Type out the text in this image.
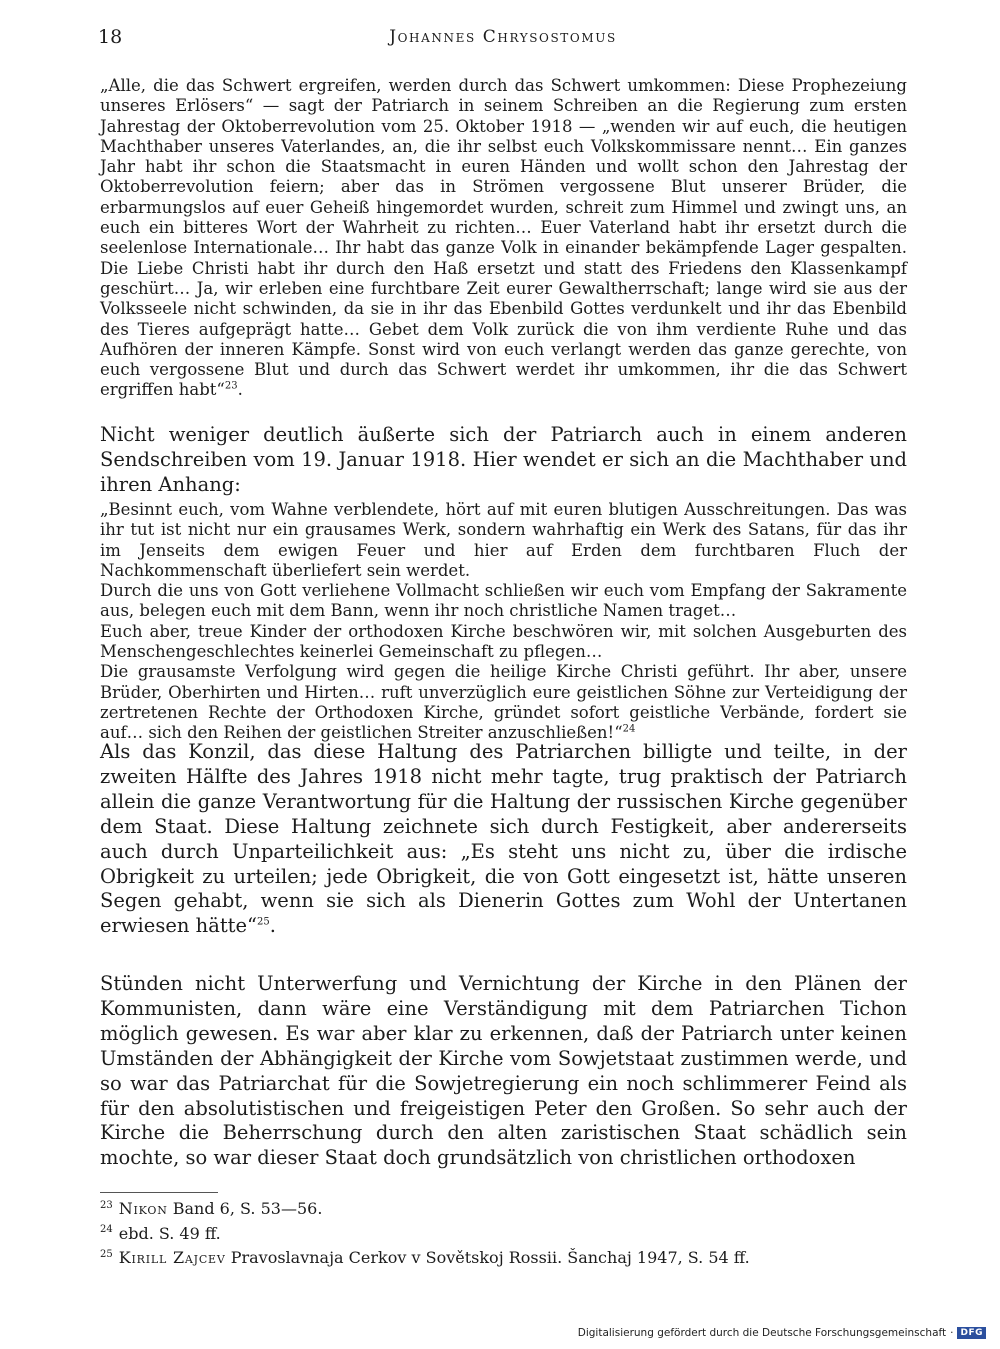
18	Johannes Chrysostomus

„Alle, die das Schwert ergreifen, werden durch das Schwert umkommen: Diese Prophezeiung unseres Erlösers“ — sagt der Patriarch in seinem Schreiben an die Regierung zum ersten Jahrestag der Oktoberrevolution vom 25. Oktober 1918 — „wenden wir auf euch, die heutigen Machthaber unseres Vaterlandes, an, die ihr selbst euch Volkskommissare nennt… Ein ganzes Jahr habt ihr schon die Staatsmacht in euren Händen und wollt schon den Jahrestag der Oktoberrevolution feiern; aber das in Strömen vergossene Blut unserer Brüder, die erbarmungslos auf euer Geheiß hingemordet wurden, schreit zum Himmel und zwingt uns, an euch ein bitteres Wort der Wahrheit zu richten… Euer Vaterland habt ihr ersetzt durch die seelenlose Internationale… Ihr habt das ganze Volk in einander bekämpfende Lager gespalten. Die Liebe Christi habt ihr durch den Haß ersetzt und statt des Friedens den Klassenkampf geschürt… Ja, wir erleben eine furchtbare Zeit eurer Gewaltherrschaft; lange wird sie aus der Volksseele nicht schwinden, da sie in ihr das Ebenbild Gottes verdunkelt und ihr das Ebenbild des Tieres aufgeprägt hatte… Gebet dem Volk zurück die von ihm verdiente Ruhe und das Aufhören der inneren Kämpfe. Sonst wird von euch verlangt werden das ganze gerechte, von euch vergossene Blut und durch das Schwert werdet ihr umkommen, ihr die das Schwert ergriffen habt“$^{23}$.

Nicht weniger deutlich äußerte sich der Patriarch auch in einem anderen Sendschreiben vom 19. Januar 1918. Hier wendet er sich an die Machthaber und ihren Anhang:

„Besinnt euch, vom Wahne verblendete, hört auf mit euren blutigen Ausschreitungen. Das was ihr tut ist nicht nur ein grausames Werk, sondern wahrhaftig ein Werk des Satans, für das ihr im Jenseits dem ewigen Feuer und hier auf Erden dem furchtbaren Fluch der Nachkommenschaft überliefert sein werdet.

Durch die uns von Gott verliehene Vollmacht schließen wir euch vom Empfang der Sakramente aus, belegen euch mit dem Bann, wenn ihr noch christliche Namen traget…

Euch aber, treue Kinder der orthodoxen Kirche beschwören wir, mit solchen Ausgeburten des Menschengeschlechtes keinerlei Gemeinschaft zu pflegen…

Die grausamste Verfolgung wird gegen die heilige Kirche Christi geführt. Ihr aber, unsere Brüder, Oberhirten und Hirten… ruft unverzüglich eure geistlichen Söhne zur Verteidigung der zertretenen Rechte der Orthodoxen Kirche, gründet sofort geistliche Verbände, fordert sie auf… sich den Reihen der geistlichen Streiter anzuschließen!“$^{24}$

Als das Konzil, das diese Haltung des Patriarchen billigte und teilte, in der zweiten Hälfte des Jahres 1918 nicht mehr tagte, trug praktisch der Patriarch allein die ganze Verantwortung für die Haltung der russischen Kirche gegenüber dem Staat. Diese Haltung zeichnete sich durch Festigkeit, aber andererseits auch durch Unparteilichkeit aus: „Es steht uns nicht zu, über die irdische Obrigkeit zu urteilen; jede Obrigkeit, die von Gott eingesetzt ist, hätte unseren Segen gehabt, wenn sie sich als Dienerin Gottes zum Wohl der Untertanen erwiesen hätte“$^{25}$.

Stünden nicht Unterwerfung und Vernichtung der Kirche in den Plänen der Kommunisten, dann wäre eine Verständigung mit dem Patriarchen Tichon möglich gewesen. Es war aber klar zu erkennen, daß der Patriarch unter keinen Umständen der Abhängigkeit der Kirche vom Sowjetstaat zustimmen werde, und so war das Patriarchat für die Sowjetregierung ein noch schlimmerer Feind als für den absolutistischen und freigeistigen Peter den Großen. So sehr auch der Kirche die Beherrschung durch den alten zaristischen Staat schädlich sein mochte, so war dieser Staat doch grundsätzlich von christlichen orthodoxen

$^{23}$ Nikon Band 6, S. 53—56.
$^{24}$ ebd. S. 49 ff.
$^{25}$ Kirill Zajcev Pravoslavnaja Cerkov v Sovětskoj Rossii. Šanchaj 1947, S. 54 ff.
Digitalisierung gefördert durch die Deutsche Forschungsgemeinschaft · DFG
